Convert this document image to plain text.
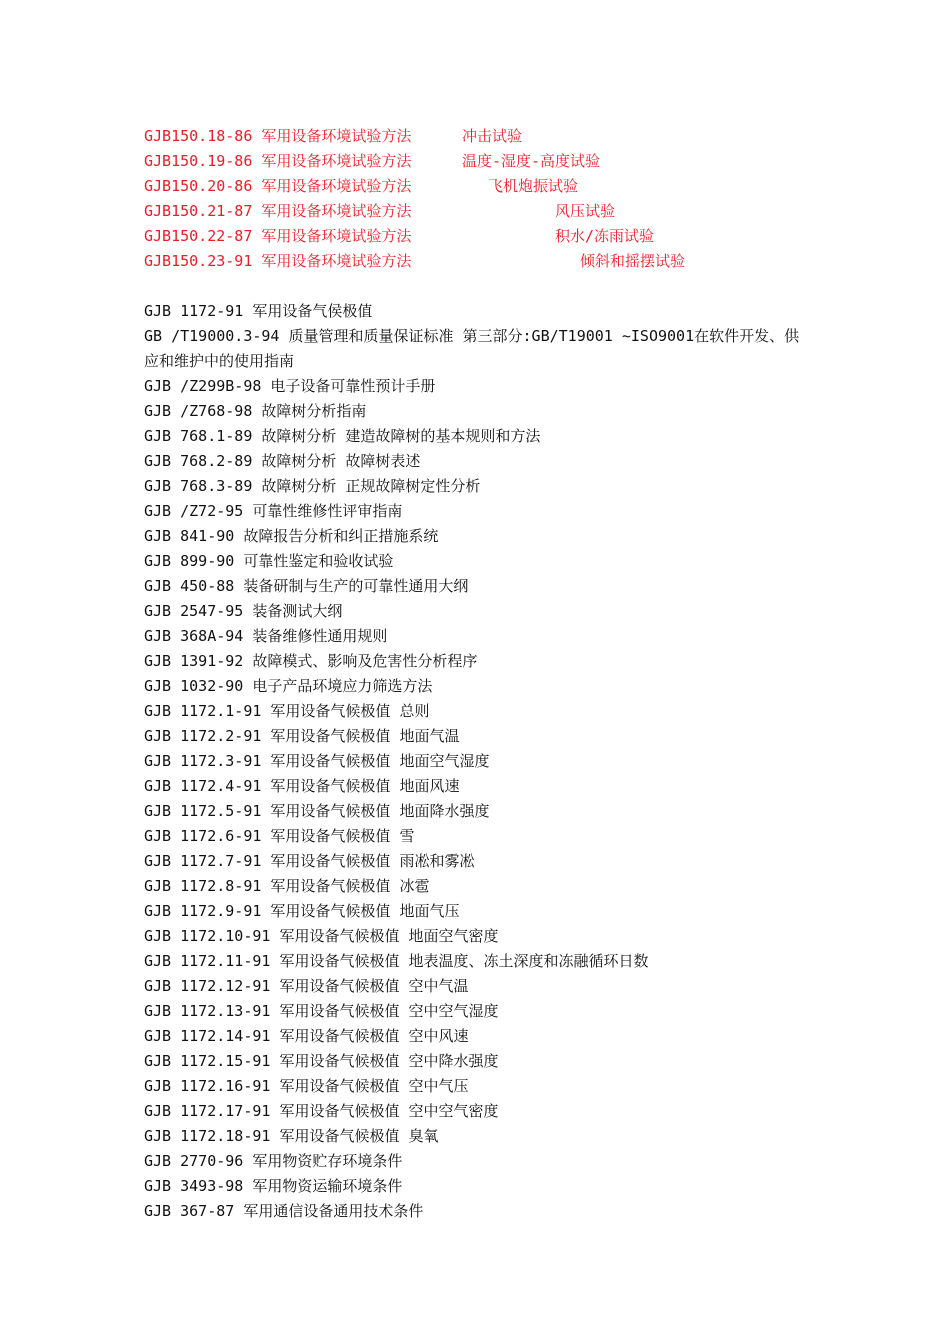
GJB150.18-86 军用设备环境试验方法	冲击试验
GJB150.19-86 军用设备环境试验方法	温度-湿度-高度试验
GJB150.20-86 军用设备环境试验方法	飞机炮振试验
GJB150.21-87 军用设备环境试验方法	风压试验
GJB150.22-87 军用设备环境试验方法	积水/冻雨试验
GJB150.23-91 军用设备环境试验方法	倾斜和摇摆试验
GJB 1172-91 军用设备气侯极值
GB /T19000.3-94 质量管理和质量保证标准 第三部分:GB/T19001 ~ISO9001在软件开发、供应和维护中的使用指南
GJB /Z299B-98 电子设备可靠性预计手册
GJB /Z768-98 故障树分析指南
GJB 768.1-89 故障树分析 建造故障树的基本规则和方法
GJB 768.2-89 故障树分析 故障树表述
GJB 768.3-89 故障树分析 正规故障树定性分析
GJB /Z72-95 可靠性维修性评审指南
GJB 841-90 故障报告分析和纠正措施系统
GJB 899-90 可靠性鉴定和验收试验
GJB 450-88 装备研制与生产的可靠性通用大纲
GJB 2547-95 装备测试大纲
GJB 368A-94 装备维修性通用规则
GJB 1391-92 故障模式、影响及危害性分析程序
GJB 1032-90 电子产品环境应力筛选方法
GJB 1172.1-91 军用设备气候极值 总则
GJB 1172.2-91 军用设备气候极值 地面气温
GJB 1172.3-91 军用设备气候极值 地面空气湿度
GJB 1172.4-91 军用设备气候极值 地面风速
GJB 1172.5-91 军用设备气候极值 地面降水强度
GJB 1172.6-91 军用设备气候极值 雪
GJB 1172.7-91 军用设备气候极值 雨凇和雾凇
GJB 1172.8-91 军用设备气候极值 冰雹
GJB 1172.9-91 军用设备气候极值 地面气压
GJB 1172.10-91 军用设备气候极值 地面空气密度
GJB 1172.11-91 军用设备气候极值 地表温度、冻土深度和冻融循环日数
GJB 1172.12-91 军用设备气候极值 空中气温
GJB 1172.13-91 军用设备气候极值 空中空气湿度
GJB 1172.14-91 军用设备气候极值 空中风速
GJB 1172.15-91 军用设备气候极值 空中降水强度
GJB 1172.16-91 军用设备气候极值 空中气压
GJB 1172.17-91 军用设备气候极值 空中空气密度
GJB 1172.18-91 军用设备气候极值 臭氧
GJB 2770-96 军用物资贮存环境条件
GJB 3493-98 军用物资运输环境条件
GJB 367-87 军用通信设备通用技术条件
